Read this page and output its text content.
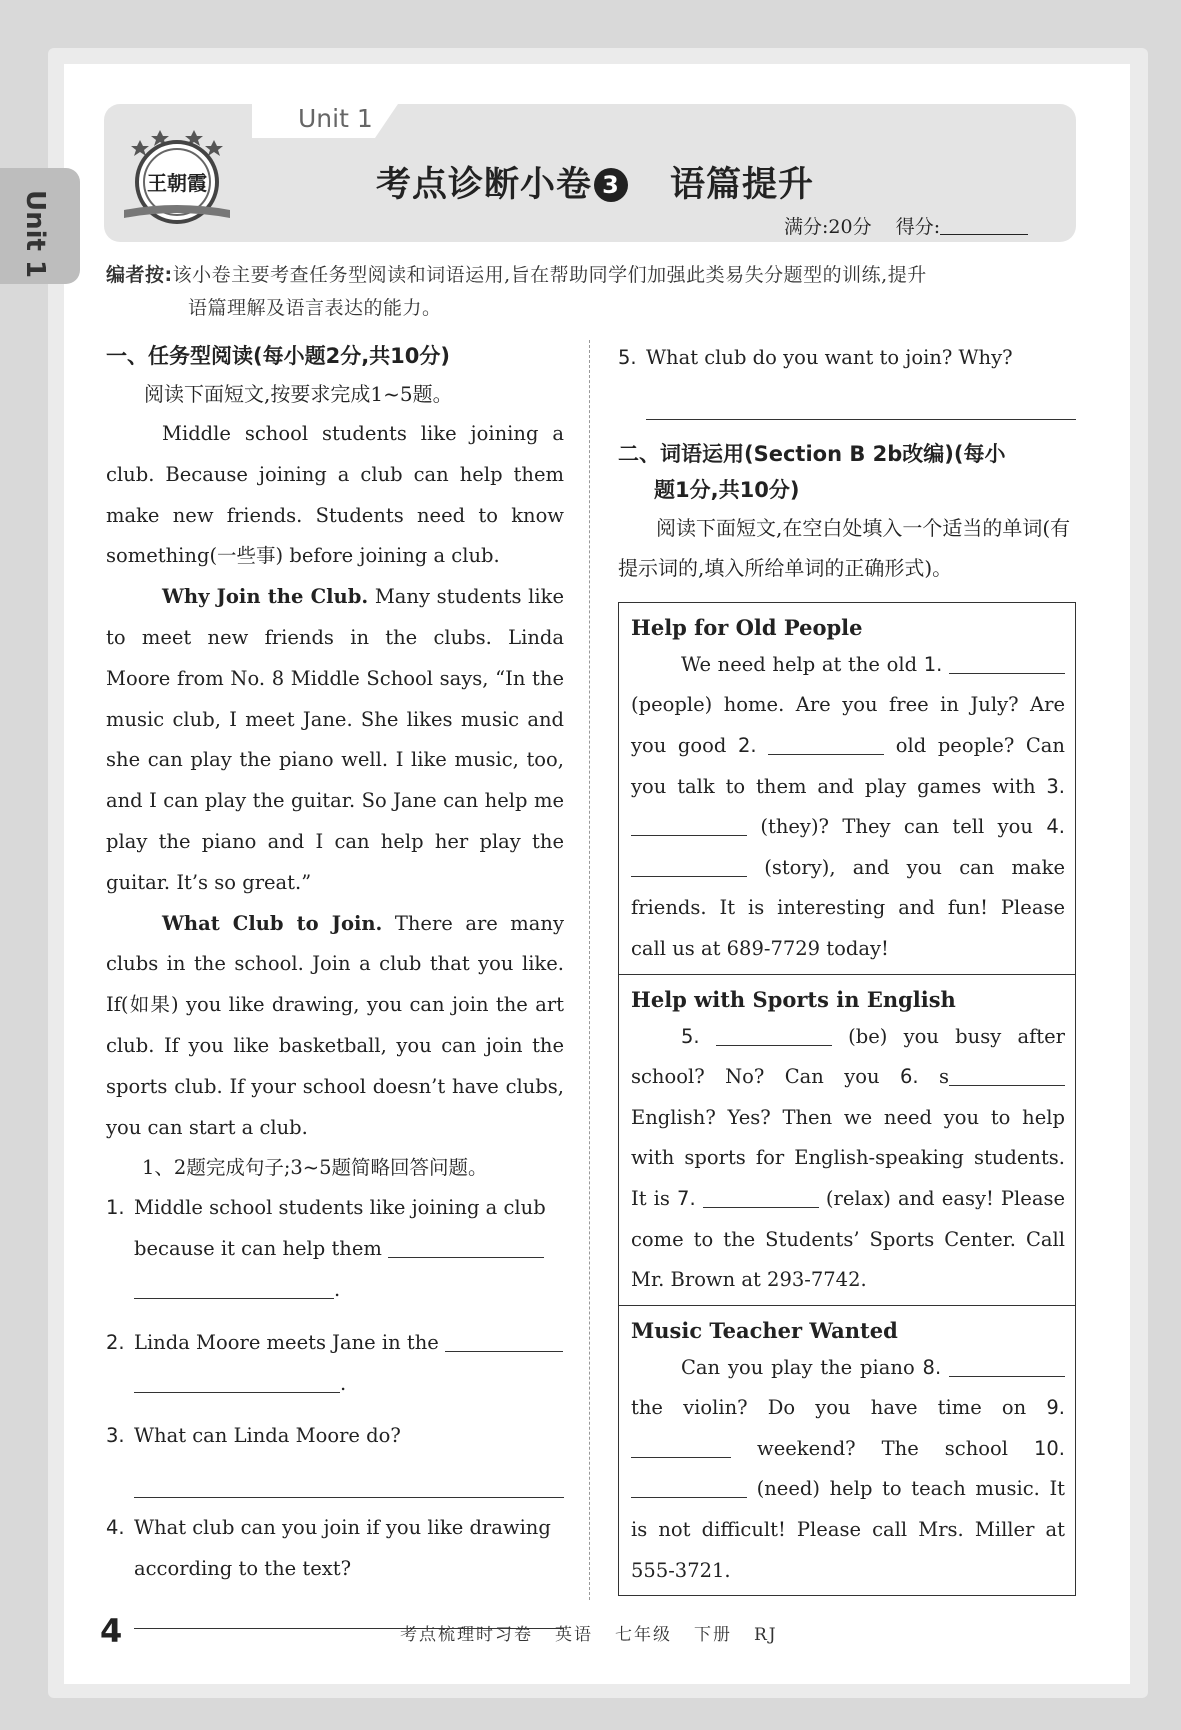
Unit 1
Unit 1
王朝霞	考点诊断小卷 3 语篇提升
满分:20分 得分:
编者按:该小卷主要考查任务型阅读和词语运用,旨在帮助同学们加强此类易失分题型的训练,提升
语篇理解及语言表达的能力。
一、任务型阅读(每小题2分,共10分)
阅读下面短文,按要求完成1~5题。
Middle school students like joining a club. Because joining a club can help them make new friends. Students need to know something(一些事) before joining a club.
Why Join the Club. Many students like to meet new friends in the clubs. Linda Moore from No. 8 Middle School says, “In the music club, I meet Jane. She likes music and she can play the piano well. I like music, too, and I can play the guitar. So Jane can help me play the piano and I can help her play the guitar. It’s so great.”
What Club to Join. There are many clubs in the school. Join a club that you like. If(如果) you like drawing, you can join the art club. If you like basketball, you can join the sports club. If your school doesn’t have clubs, you can start a club.
1、2题完成句子;3~5题简略回答问题。
1. Middle school students like joining a club because it can help them
.
2. Linda Moore meets Jane in the
.
3. What can Linda Moore do?
4. What club can you join if you like drawing according to the text?
5. What club do you want to join? Why?
二、词语运用(Section B 2b改编)(每小
题1分,共10分)
阅读下面短文,在空白处填入一个适当的单词(有提示词的,填入所给单词的正确形式)。
Help for Old People
We need help at the old 1.  (people) home. Are you free in July? Are you good 2.	old people? Can you talk to them and play games with 3.  (they)? They can tell you 4.  (story), and you can make friends. It is interesting and fun! Please call us at 689-7729 today!
Help with Sports in English
5.	(be) you busy after school? No? Can you 6. s English? Yes? Then we need you to help with sports for English-speaking students. It is 7.	(relax) and easy! Please come to the Students’ Sports Center. Call Mr. Brown at 293-7742.
Music Teacher Wanted
Can you play the piano 8.  the violin? Do you have time on 9.  weekend? The school 10.  (need) help to teach music. It is not difficult! Please call Mrs. Miller at 555-3721.
4	考点梳理时习卷 英语 七年级 下册 RJ
